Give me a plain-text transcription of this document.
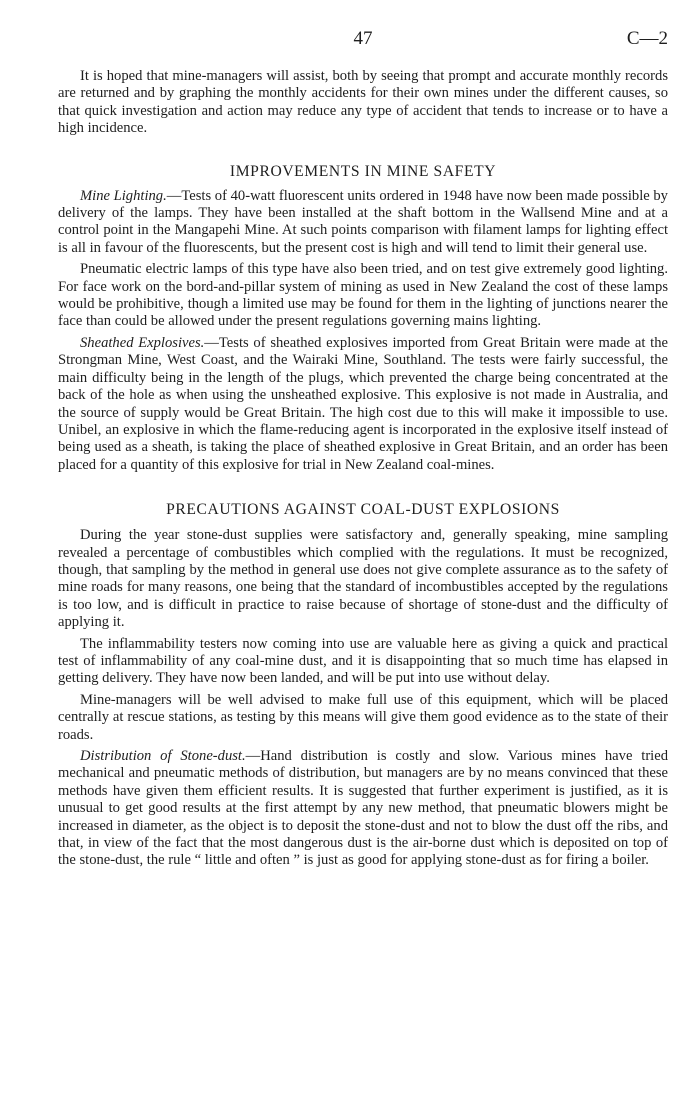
47	C—2

It is hoped that mine-managers will assist, both by seeing that prompt and accurate monthly records are returned and by graphing the monthly accidents for their own mines under the different causes, so that quick investigation and action may reduce any type of accident that tends to increase or to have a high incidence.

IMPROVEMENTS IN MINE SAFETY

Mine Lighting.—Tests of 40-watt fluorescent units ordered in 1948 have now been made possible by delivery of the lamps. They have been installed at the shaft bottom in the Wallsend Mine and at a control point in the Mangapehi Mine. At such points comparison with filament lamps for lighting effect is all in favour of the fluorescents, but the present cost is high and will tend to limit their general use.

Pneumatic electric lamps of this type have also been tried, and on test give extremely good lighting. For face work on the bord-and-pillar system of mining as used in New Zealand the cost of these lamps would be prohibitive, though a limited use may be found for them in the lighting of junctions nearer the face than could be allowed under the present regulations governing mains lighting.

Sheathed Explosives.—Tests of sheathed explosives imported from Great Britain were made at the Strongman Mine, West Coast, and the Wairaki Mine, Southland. The tests were fairly successful, the main difficulty being in the length of the plugs, which prevented the charge being concentrated at the back of the hole as when using the unsheathed explosive. This explosive is not made in Australia, and the source of supply would be Great Britain. The high cost due to this will make it impossible to use. Unibel, an explosive in which the flame-reducing agent is incorporated in the explosive itself instead of being used as a sheath, is taking the place of sheathed explosive in Great Britain, and an order has been placed for a quantity of this explosive for trial in New Zealand coal-mines.

PRECAUTIONS AGAINST COAL-DUST EXPLOSIONS

During the year stone-dust supplies were satisfactory and, generally speaking, mine sampling revealed a percentage of combustibles which complied with the regulations. It must be recognized, though, that sampling by the method in general use does not give complete assurance as to the safety of mine roads for many reasons, one being that the standard of incombustibles accepted by the regulations is too low, and is difficult in practice to raise because of shortage of stone-dust and the difficulty of applying it.

The inflammability testers now coming into use are valuable here as giving a quick and practical test of inflammability of any coal-mine dust, and it is disappointing that so much time has elapsed in getting delivery. They have now been landed, and will be put into use without delay.

Mine-managers will be well advised to make full use of this equipment, which will be placed centrally at rescue stations, as testing by this means will give them good evidence as to the state of their roads.

Distribution of Stone-dust.—Hand distribution is costly and slow. Various mines have tried mechanical and pneumatic methods of distribution, but managers are by no means convinced that these methods have given them efficient results. It is suggested that further experiment is justified, as it is unusual to get good results at the first attempt by any new method, that pneumatic blowers might be increased in diameter, as the object is to deposit the stone-dust and not to blow the dust off the ribs, and that, in view of the fact that the most dangerous dust is the air-borne dust which is deposited on top of the stone-dust, the rule “ little and often ” is just as good for applying stone-dust as for firing a boiler.
